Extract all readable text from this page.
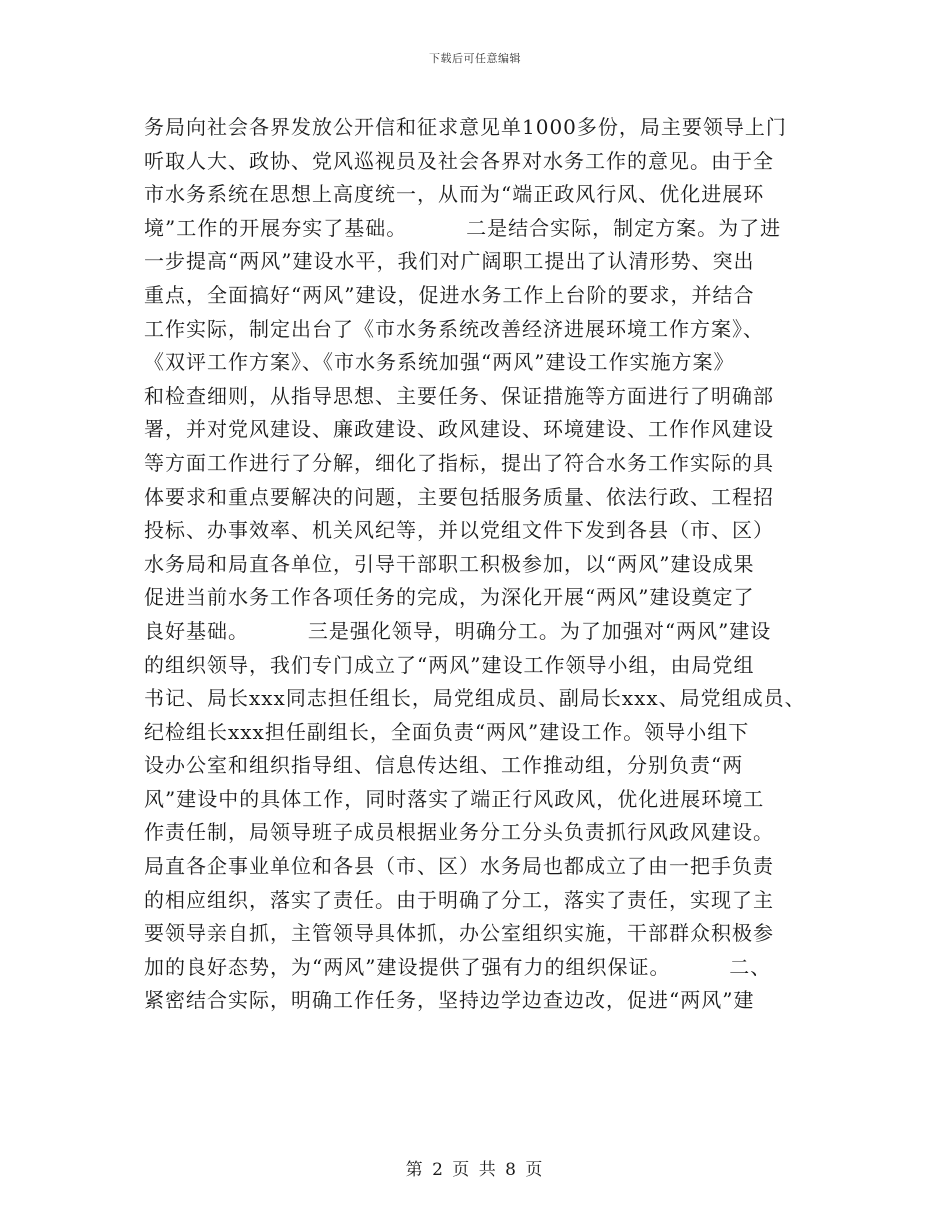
下载后可任意编辑
务局向社会各界发放公开信和征求意见单1000多份，局主要领导上门
听取人大、政协、党风巡视员及社会各界对水务工作的意见。由于全
市水务系统在思想上高度统一，从而为“端正政风行风、优化进展环
境”工作的开展夯实了基础。        二是结合实际，制定方案。为了进
一步提高“两风”建设水平，我们对广阔职工提出了认清形势、突出
重点，全面搞好“两风”建设，促进水务工作上台阶的要求，并结合
工作实际，制定出台了《市水务系统改善经济进展环境工作方案》、
《双评工作方案》、《市水务系统加强“两风”建设工作实施方案》
和检查细则，从指导思想、主要任务、保证措施等方面进行了明确部
署，并对党风建设、廉政建设、政风建设、环境建设、工作作风建设
等方面工作进行了分解，细化了指标，提出了符合水务工作实际的具
体要求和重点要解决的问题，主要包括服务质量、依法行政、工程招
投标、办事效率、机关风纪等，并以党组文件下发到各县（市、区）
水务局和局直各单位，引导干部职工积极参加，以“两风”建设成果
促进当前水务工作各项任务的完成，为深化开展“两风”建设奠定了
良好基础。        三是强化领导，明确分工。为了加强对“两风”建设
的组织领导，我们专门成立了“两风”建设工作领导小组，由局党组
书记、局长xxx同志担任组长，局党组成员、副局长xxx、局党组成员、
纪检组长xxx担任副组长，全面负责“两风”建设工作。领导小组下
设办公室和组织指导组、信息传达组、工作推动组，分别负责“两
风”建设中的具体工作，同时落实了端正行风政风，优化进展环境工
作责任制，局领导班子成员根据业务分工分头负责抓行风政风建设。
局直各企事业单位和各县（市、区）水务局也都成立了由一把手负责
的相应组织，落实了责任。由于明确了分工，落实了责任，实现了主
要领导亲自抓，主管领导具体抓，办公室组织实施，干部群众积极参
加的良好态势，为“两风”建设提供了强有力的组织保证。        二、
紧密结合实际，明确工作任务，坚持边学边查边改，促进“两风”建
第 2 页 共 8 页
